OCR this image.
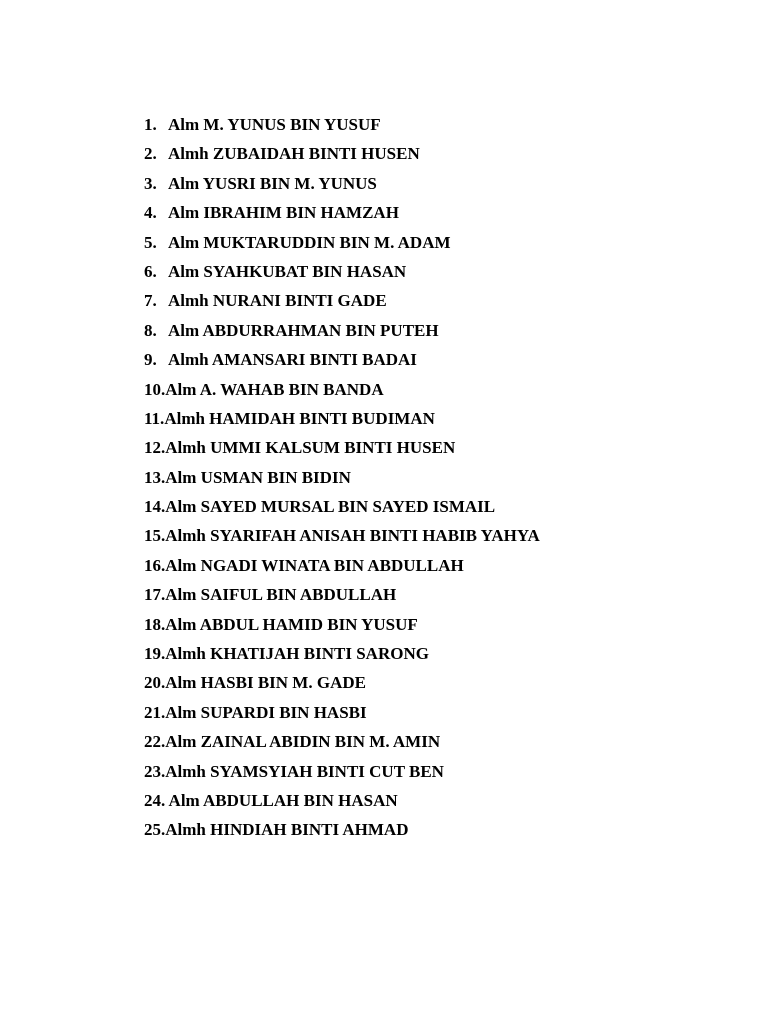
1. Alm M. YUNUS BIN YUSUF
2. Almh ZUBAIDAH BINTI HUSEN
3. Alm YUSRI BIN M. YUNUS
4. Alm IBRAHIM BIN HAMZAH
5. Alm MUKTARUDDIN BIN M. ADAM
6. Alm SYAHKUBAT BIN HASAN
7. Almh NURANI BINTI GADE
8. Alm ABDURRAHMAN BIN PUTEH
9. Almh AMANSARI BINTI BADAI
10.Alm A. WAHAB BIN BANDA
11.Almh HAMIDAH BINTI BUDIMAN
12.Almh UMMI KALSUM BINTI HUSEN
13.Alm USMAN BIN BIDIN
14.Alm SAYED MURSAL BIN SAYED ISMAIL
15.Almh SYARIFAH ANISAH BINTI HABIB YAHYA
16.Alm NGADI WINATA BIN ABDULLAH
17.Alm SAIFUL BIN ABDULLAH
18.Alm ABDUL HAMID BIN YUSUF
19.Almh KHATIJAH BINTI SARONG
20.Alm HASBI BIN M. GADE
21.Alm SUPARDI BIN HASBI
22.Alm ZAINAL ABIDIN BIN M. AMIN
23.Almh SYAMSYIAH BINTI CUT BEN
24. Alm ABDULLAH BIN HASAN
25.Almh HINDIAH BINTI AHMAD
